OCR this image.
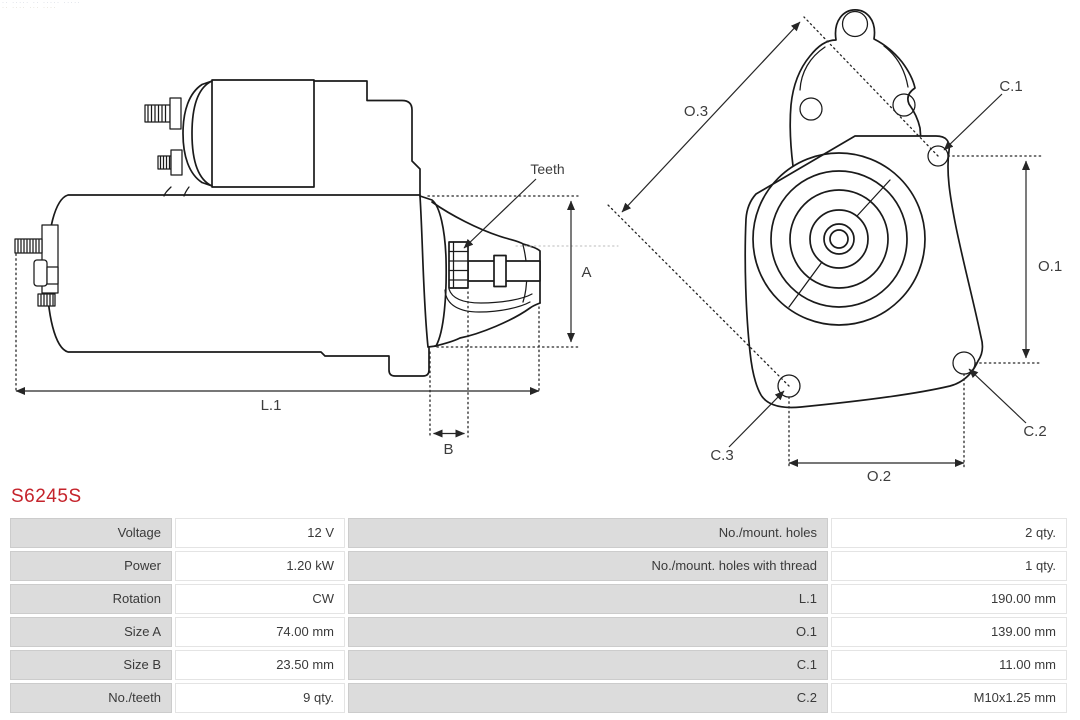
·· ····· ·· ····· ·····
·· ···· ··· ····
L.1
B
A
Teeth
O.3
O.1
O.2
C.1
C.3
C.2
S6245S
Voltage	12 V	No./mount. holes	2 qty.
Power	1.20 kW	No./mount. holes with thread	1 qty.
Rotation	CW	L.1	190.00 mm
Size A	74.00 mm	O.1	139.00 mm
Size B	23.50 mm	C.1	11.00 mm
No./teeth	9 qty.	C.2	M10x1.25 mm
